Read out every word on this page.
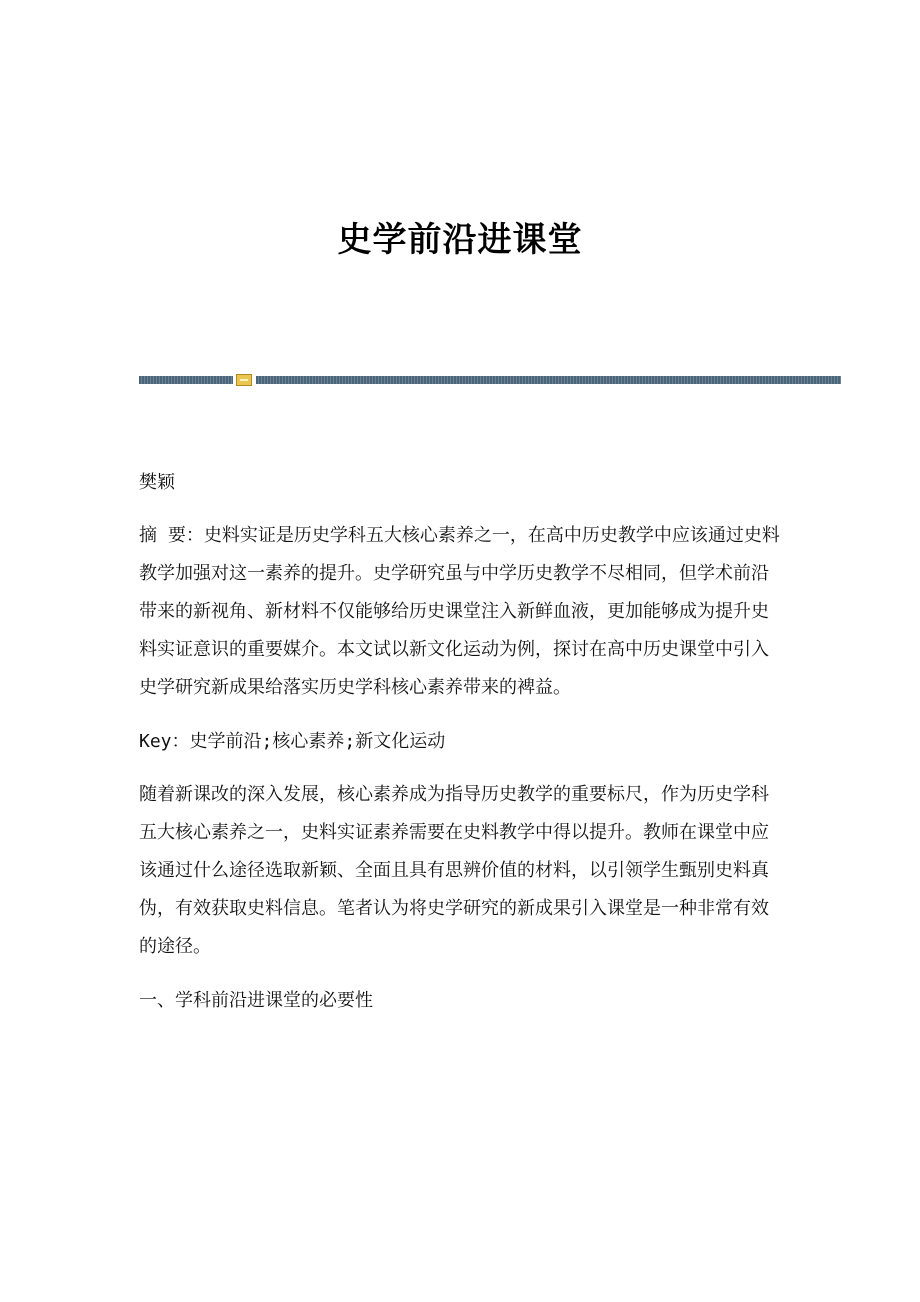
史学前沿进课堂
樊颖
摘 要：史料实证是历史学科五大核心素养之一，在高中历史教学中应该通过史料教学加强对这一素养的提升。史学研究虽与中学历史教学不尽相同，但学术前沿带来的新视角、新材料不仅能够给历史课堂注入新鲜血液，更加能够成为提升史料实证意识的重要媒介。本文试以新文化运动为例，探讨在高中历史课堂中引入史学研究新成果给落实历史学科核心素养带来的裨益。
Key：史学前沿;核心素养;新文化运动
随着新课改的深入发展，核心素养成为指导历史教学的重要标尺，作为历史学科五大核心素养之一，史料实证素养需要在史料教学中得以提升。教师在课堂中应该通过什么途径选取新颖、全面且具有思辨价值的材料，以引领学生甄别史料真伪，有效获取史料信息。笔者认为将史学研究的新成果引入课堂是一种非常有效的途径。
一、学科前沿进课堂的必要性
